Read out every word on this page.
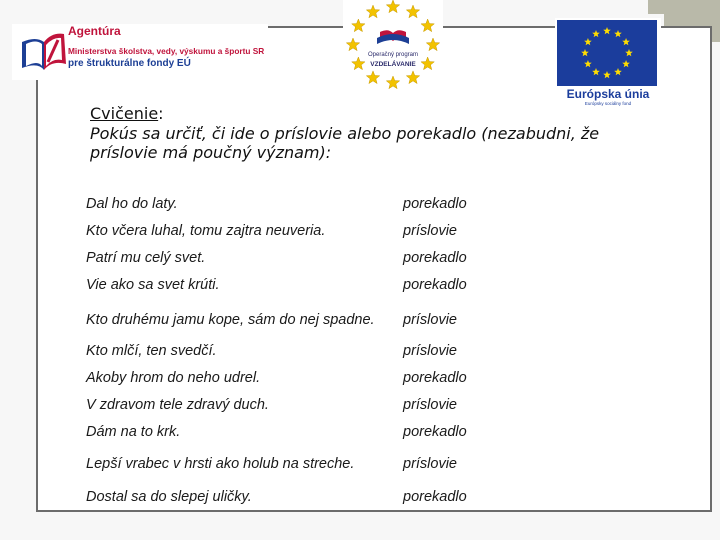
Agentúra
Ministerstva školstva, vedy, výskumu a športu SR
pre štrukturálne fondy EÚ
Operačný program
VZDELÁVANIE
Európska únia
Európsky sociálny fond
Cvičenie:
Pokús sa určiť, či ide o príslovie alebo porekadlo (nezabudni, že príslovie má poučný význam):
Dal ho do laty.	porekadlo
Kto včera luhal, tomu zajtra neuveria.	príslovie
Patrí mu celý svet.	porekadlo
Vie ako sa svet krúti.	porekadlo
Kto druhému jamu kope, sám do nej spadne. príslovie
Kto mlčí, ten svedčí.	príslovie
Akoby hrom do neho udrel.	porekadlo
V zdravom tele zdravý duch.	príslovie
Dám na to krk.	porekadlo
Lepší vrabec v hrsti ako holub na streche.	príslovie
Dostal sa do slepej uličky.	porekadlo
